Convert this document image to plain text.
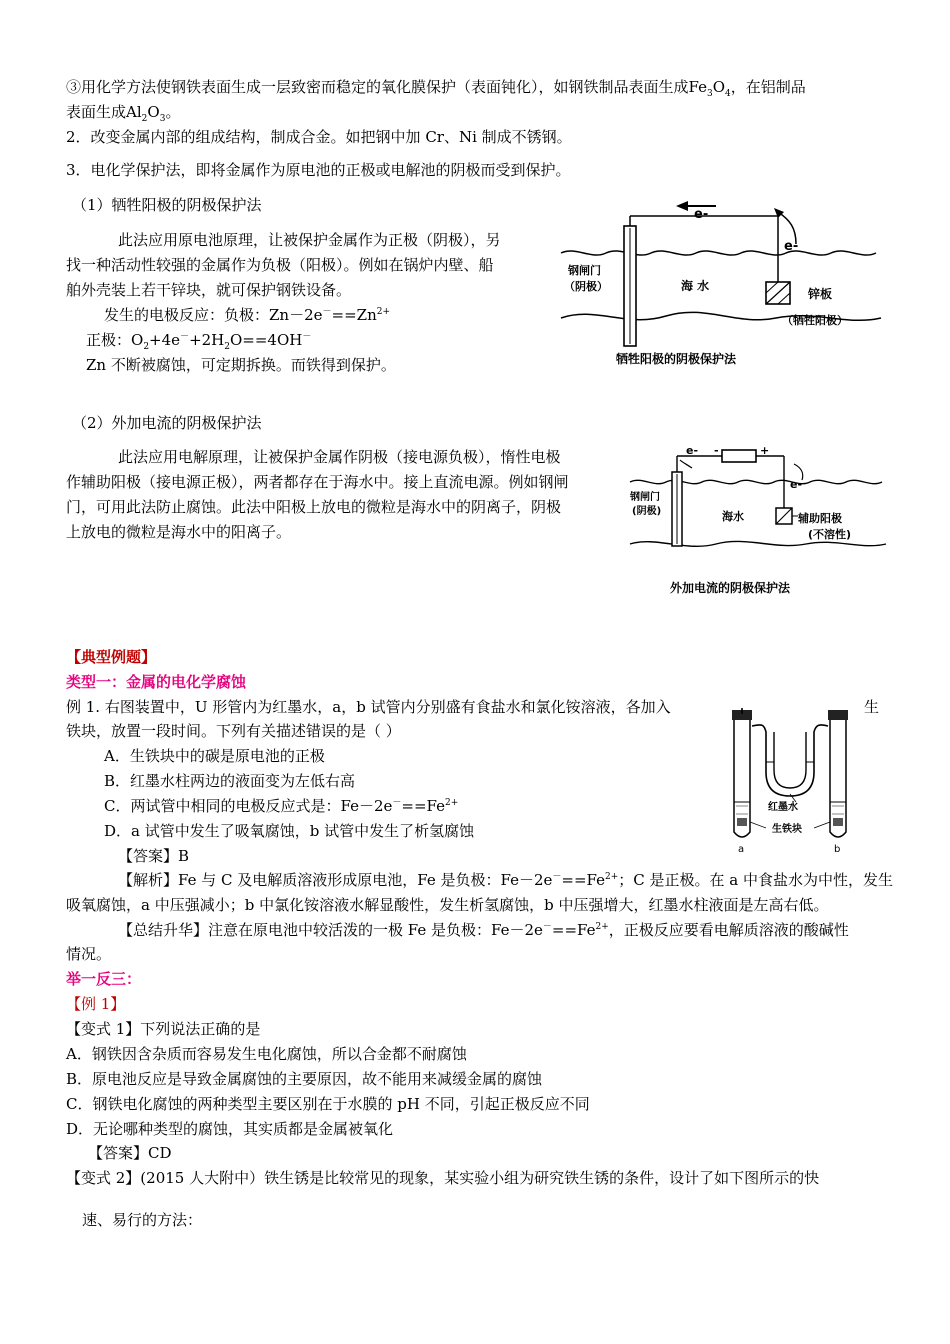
③用化学方法使钢铁表面生成一层致密而稳定的氧化膜保护（表面钝化），如钢铁制品表面生成$Fe_3O_4$，在铝制品
表面生成$Al_2O_3$。
2．改变金属内部的组成结构，制成合金。如把钢中加 Cr、Ni 制成不锈钢。
3．电化学保护法，即将金属作为原电池的正极或电解池的阴极而受到保护。
（1）牺牲阳极的阴极保护法
此法应用原电池原理，让被保护金属作为正极（阴极），另
找一种活动性较强的金属作为负极（阳极）。例如在锅炉内壁、船
舶外壳装上若干锌块，就可保护钢铁设备。
发生的电极反应：负极：$Zn-2e^-==Zn^{2+}$
正极：$O_2+4e^-+2H_2O==4OH^-$
Zn 不断被腐蚀，可定期拆换。而铁得到保护。
e-
e-
钢闸门
（阴极）	海 水
锌板
（牺牲阳极）
牺牲阳极的阴极保护法
（2）外加电流的阴极保护法
此法应用电解原理，让被保护金属作阴极（接电源负极），惰性电极
作辅助阳极（接电源正极），两者都存在于海水中。接上直流电源。例如钢闸
门，可用此法防止腐蚀。此法中阳极上放电的微粒是海水中的阴离子，阴极
上放电的微粒是海水中的阳离子。
e- -	+
e-
钢闸门
(阴极)	海水	辅助阳极
(不溶性)
外加电流的阴极保护法
【典型例题】
类型一：金属的电化学腐蚀
例 1. 右图装置中，U 形管内为红墨水，a，b 试管内分别盛有食盐水和氯化铵溶液，各加入	生
铁块，放置一段时间。下列有关描述错误的是（ ）
A．生铁块中的碳是原电池的正极
B．红墨水柱两边的液面变为左低右高
C．两试管中相同的电极反应式是：$Fe-2e^-==Fe^{2+}$
D．a 试管中发生了吸氧腐蚀，b 试管中发生了析氢腐蚀
【答案】B
【解析】Fe 与 C 及电解质溶液形成原电池，Fe 是负极：$Fe-2e^-==Fe^{2+}$；C 是正极。在 a 中食盐水为中性，发生
吸氧腐蚀，a 中压强减小；b 中氯化铵溶液水解显酸性，发生析氢腐蚀，b 中压强增大，红墨水柱液面是左高右低。
【总结升华】注意在原电池中较活泼的一极 Fe 是负极：$Fe-2e^-==Fe^{2+}$，正极反应要看电解质溶液的酸碱性
情况。
红墨水
生铁块
a	b
举一反三：
【例 1】
【变式 1】下列说法正确的是
A．钢铁因含杂质而容易发生电化腐蚀，所以合金都不耐腐蚀
B．原电池反应是导致金属腐蚀的主要原因，故不能用来减缓金属的腐蚀
C．钢铁电化腐蚀的两种类型主要区别在于水膜的 pH 不同，引起正极反应不同
D．无论哪种类型的腐蚀，其实质都是金属被氧化
【答案】CD
【变式 2】(2015 人大附中）铁生锈是比较常见的现象，某实验小组为研究铁生锈的条件，设计了如下图所示的快
速、易行的方法：
